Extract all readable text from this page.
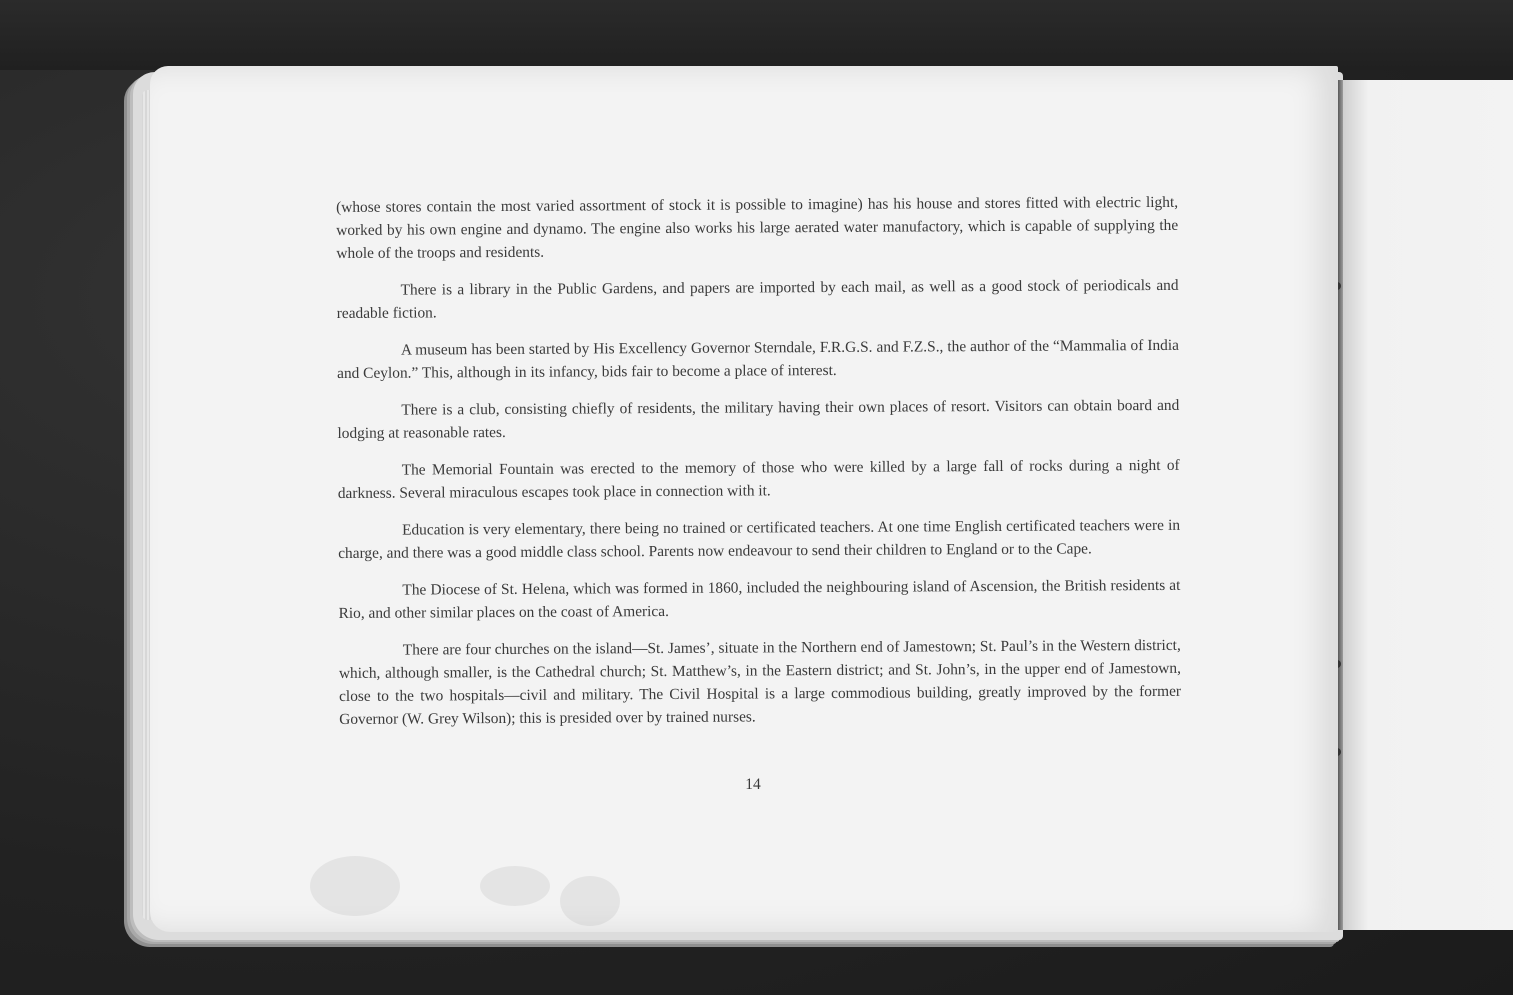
(whose stores contain the most varied assortment of stock it is possible to imagine) has his house and stores fitted with electric light, worked by his own engine and dynamo. The engine also works his large aerated water manufactory, which is capable of supplying the whole of the troops and residents.

There is a library in the Public Gardens, and papers are imported by each mail, as well as a good stock of periodicals and readable fiction.

A museum has been started by His Excellency Governor Sterndale, F.R.G.S. and F.Z.S., the author of the “Mammalia of India and Ceylon.” This, although in its infancy, bids fair to become a place of interest.

There is a club, consisting chiefly of residents, the military having their own places of resort. Visitors can obtain board and lodging at reasonable rates.

The Memorial Fountain was erected to the memory of those who were killed by a large fall of rocks during a night of darkness. Several miraculous escapes took place in connection with it.

Education is very elementary, there being no trained or certificated teachers. At one time English certificated teachers were in charge, and there was a good middle class school. Parents now endeavour to send their children to England or to the Cape.

The Diocese of St. Helena, which was formed in 1860, included the neighbouring island of Ascension, the British residents at Rio, and other similar places on the coast of America.

There are four churches on the island—St. James’, situate in the Northern end of Jamestown; St. Paul’s in the Western district, which, although smaller, is the Cathedral church; St. Matthew’s, in the Eastern district; and St. John’s, in the upper end of Jamestown, close to the two hospitals—civil and military. The Civil Hospital is a large commodious building, greatly improved by the former Governor (W. Grey Wilson); this is presided over by trained nurses.

14
